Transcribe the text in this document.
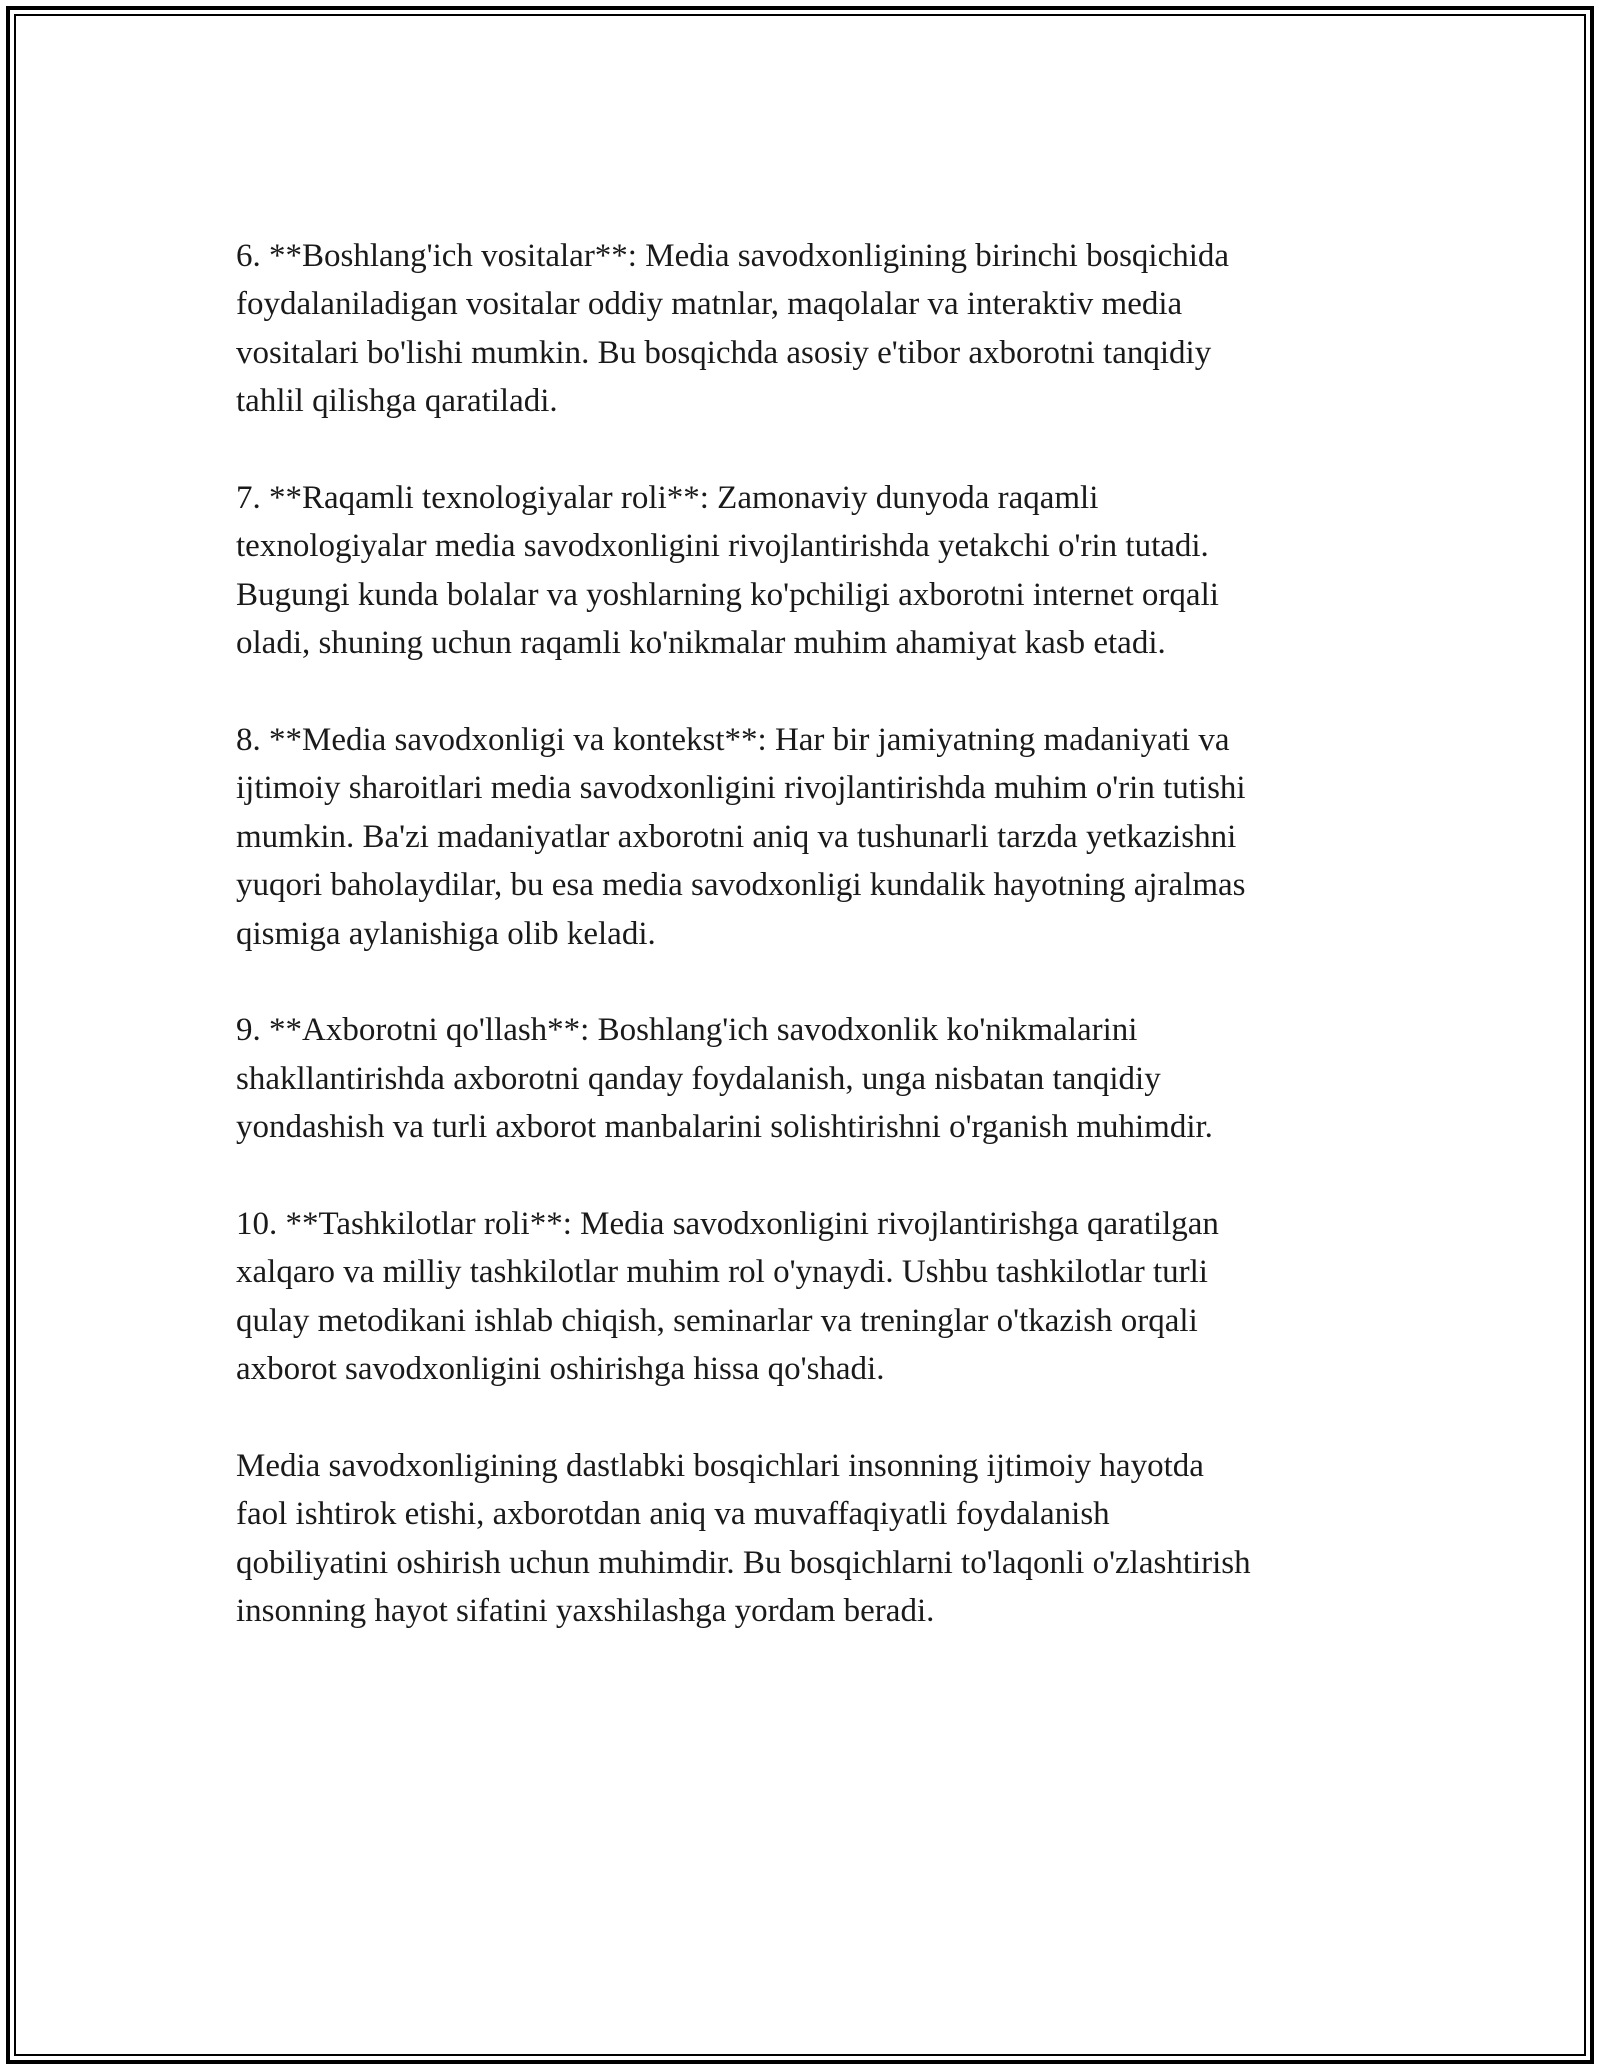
6. **Boshlang'ich vositalar**: Media savodxonligining birinchi bosqichida
foydalaniladigan vositalar oddiy matnlar, maqolalar va interaktiv media
vositalari bo'lishi mumkin. Bu bosqichda asosiy e'tibor axborotni tanqidiy
tahlil qilishga qaratiladi.

7. **Raqamli texnologiyalar roli**: Zamonaviy dunyoda raqamli
texnologiyalar media savodxonligini rivojlantirishda yetakchi o'rin tutadi.
Bugungi kunda bolalar va yoshlarning ko'pchiligi axborotni internet orqali
oladi, shuning uchun raqamli ko'nikmalar muhim ahamiyat kasb etadi.

8. **Media savodxonligi va kontekst**: Har bir jamiyatning madaniyati va
ijtimoiy sharoitlari media savodxonligini rivojlantirishda muhim o'rin tutishi
mumkin. Ba'zi madaniyatlar axborotni aniq va tushunarli tarzda yetkazishni
yuqori baholaydilar, bu esa media savodxonligi kundalik hayotning ajralmas
qismiga aylanishiga olib keladi.

9. **Axborotni qo'llash**: Boshlang'ich savodxonlik ko'nikmalarini
shakllantirishda axborotni qanday foydalanish, unga nisbatan tanqidiy
yondashish va turli axborot manbalarini solishtirishni o'rganish muhimdir.

10. **Tashkilotlar roli**: Media savodxonligini rivojlantirishga qaratilgan
xalqaro va milliy tashkilotlar muhim rol o'ynaydi. Ushbu tashkilotlar turli
qulay metodikani ishlab chiqish, seminarlar va treninglar o'tkazish orqali
axborot savodxonligini oshirishga hissa qo'shadi.

Media savodxonligining dastlabki bosqichlari insonning ijtimoiy hayotda
faol ishtirok etishi, axborotdan aniq va muvaffaqiyatli foydalanish
qobiliyatini oshirish uchun muhimdir. Bu bosqichlarni to'laqonli o'zlashtirish
insonning hayot sifatini yaxshilashga yordam beradi.
